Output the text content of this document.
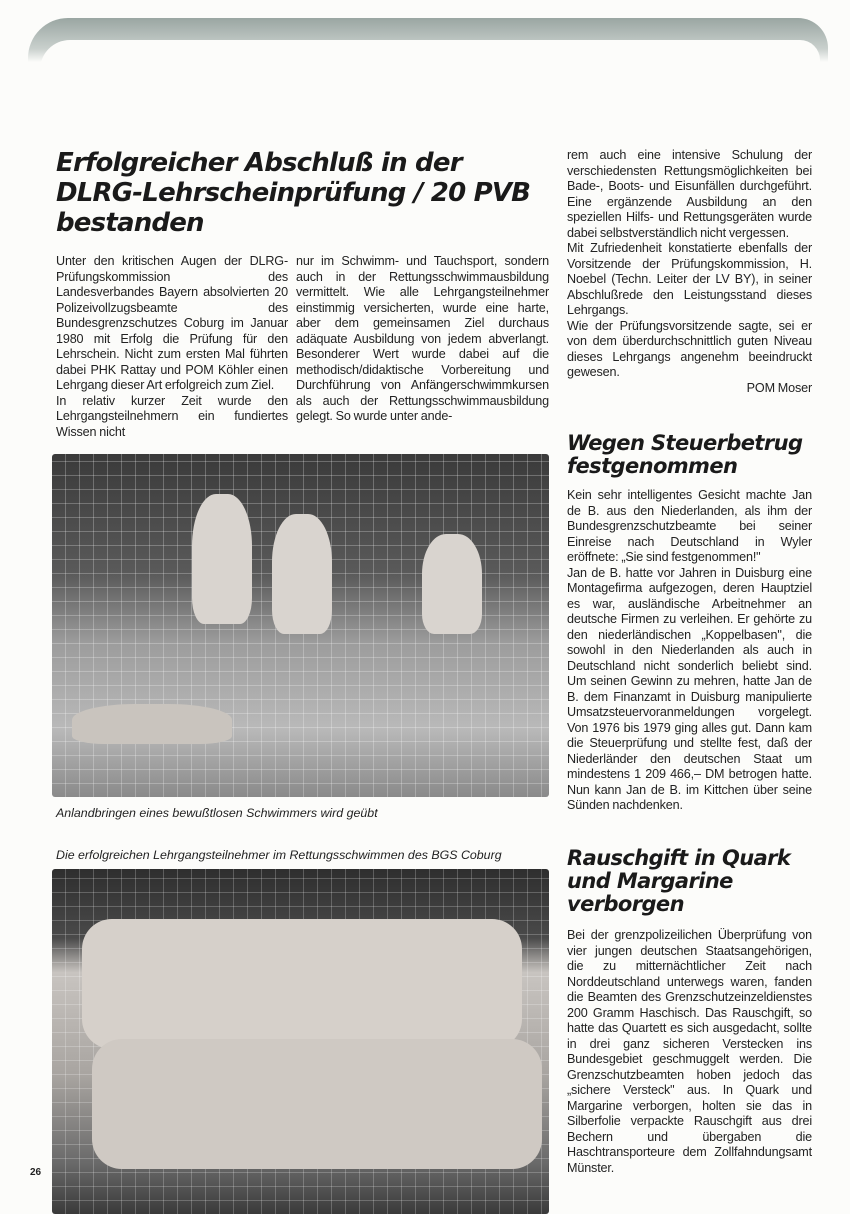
Erfolgreicher Abschluß in der DLRG-Lehrscheinprüfung / 20 PVB bestanden

Unter den kritischen Augen der DLRG-Prüfungskommission des Landesverbandes Bayern absolvierten 20 Polizeivollzugsbeamte des Bundesgrenzschutzes Coburg im Januar 1980 mit Erfolg die Prüfung für den Lehrschein. Nicht zum ersten Mal führten dabei PHK Rattay und POM Köhler einen Lehrgang dieser Art erfolgreich zum Ziel.

In relativ kurzer Zeit wurde den Lehrgangsteilnehmern ein fundiertes Wissen nicht

nur im Schwimm- und Tauchsport, sondern auch in der Rettungsschwimmausbildung vermittelt. Wie alle Lehrgangsteilnehmer einstimmig versicherten, wurde eine harte, aber dem gemeinsamen Ziel durchaus adäquate Ausbildung von jedem abverlangt. Besonderer Wert wurde dabei auf die methodisch/didaktische Vorbereitung und Durchführung von Anfängerschwimmkursen als auch der Rettungsschwimmausbildung gelegt. So wurde unter ande-

Anlandbringen eines bewußtlosen Schwimmers wird geübt
Die erfolgreichen Lehrgangsteilnehmer im Rettungsschwimmen des BGS Coburg

rem auch eine intensive Schulung der verschiedensten Rettungsmöglichkeiten bei Bade-, Boots- und Eisunfällen durchgeführt. Eine ergänzende Ausbildung an den speziellen Hilfs- und Rettungsgeräten wurde dabei selbstverständlich nicht vergessen.

Mit Zufriedenheit konstatierte ebenfalls der Vorsitzende der Prüfungskommission, H. Noebel (Techn. Leiter der LV BY), in seiner Abschlußrede den Leistungsstand dieses Lehrgangs.

Wie der Prüfungsvorsitzende sagte, sei er von dem überdurchschnittlich guten Niveau dieses Lehrgangs angenehm beeindruckt gewesen.

POM Moser

Wegen Steuerbetrug festgenommen

Kein sehr intelligentes Gesicht machte Jan de B. aus den Niederlanden, als ihm der Bundesgrenzschutzbeamte bei seiner Einreise nach Deutschland in Wyler eröffnete: „Sie sind festgenommen!"

Jan de B. hatte vor Jahren in Duisburg eine Montagefirma aufgezogen, deren Hauptziel es war, ausländische Arbeitnehmer an deutsche Firmen zu verleihen. Er gehörte zu den niederländischen „Koppelbasen", die sowohl in den Niederlanden als auch in Deutschland nicht sonderlich beliebt sind. Um seinen Gewinn zu mehren, hatte Jan de B. dem Finanzamt in Duisburg manipulierte Umsatzsteuervoranmeldungen vorgelegt. Von 1976 bis 1979 ging alles gut. Dann kam die Steuerprüfung und stellte fest, daß der Niederländer den deutschen Staat um mindestens 1 209 466,– DM betrogen hatte. Nun kann Jan de B. im Kittchen über seine Sünden nachdenken.

Rauschgift in Quark und Margarine verborgen

Bei der grenzpolizeilichen Überprüfung von vier jungen deutschen Staatsangehörigen, die zu mitternächtlicher Zeit nach Norddeutschland unterwegs waren, fanden die Beamten des Grenzschutzeinzeldienstes 200 Gramm Haschisch. Das Rauschgift, so hatte das Quartett es sich ausgedacht, sollte in drei ganz sicheren Verstecken ins Bundesgebiet geschmuggelt werden. Die Grenzschutzbeamten hoben jedoch das „sichere Versteck" aus. In Quark und Margarine verborgen, holten sie das in Silberfolie verpackte Rauschgift aus drei Bechern und übergaben die Haschtransporteure dem Zollfahndungsamt Münster.

26
